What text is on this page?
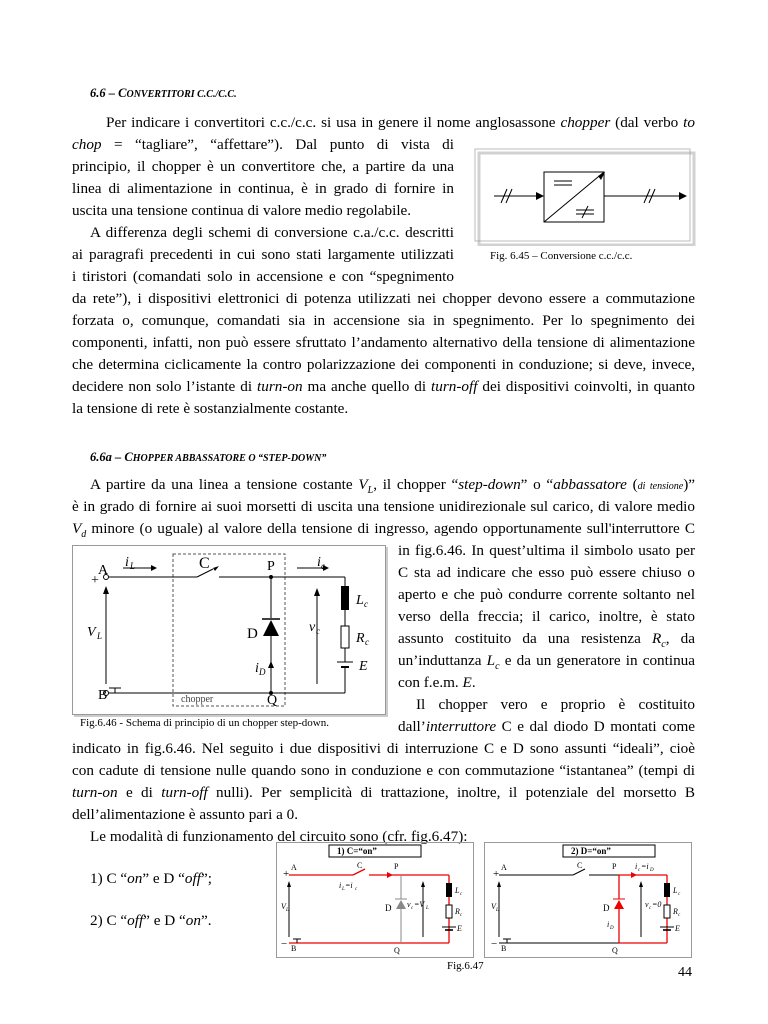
6.6 – CONVERTITORI C.C./C.C.
Per indicare i convertitori c.c./c.c. si usa in genere il nome anglosassone chopper (dal verbo to
chop = “tagliare”, “affettare”). Dal punto di vista di
principio, il chopper è un convertitore che, a partire da una
linea di alimentazione in continua, è in grado di fornire in
uscita una tensione continua di valore medio regolabile.
A differenza degli schemi di conversione c.a./c.c. descritti
ai paragrafi precedenti in cui sono stati largamente utilizzati
i tiristori (comandati solo in accensione e con “spegnimento
da rete”), i dispositivi elettronici di potenza utilizzati nei chopper devono essere a commutazione
forzata o, comunque, comandati sia in accensione sia in spegnimento. Per lo spegnimento dei
componenti, infatti, non può essere sfruttato l’andamento alternativo della tensione di alimentazione
che determina ciclicamente la contro polarizzazione dei componenti in conduzione; si deve, invece,
decidere non solo l’istante di turn-on ma anche quello di turn-off dei dispositivi coinvolti, in quanto
la tensione di rete è sostanzialmente costante.
Fig. 6.45 – Conversione c.c./c.c.
6.6a – CHOPPER ABBASSATORE O “STEP-DOWN”
A partire da una linea a tensione costante $V_L$, il chopper “step-down” o “abbassatore (di tensione)”
è in grado di fornire ai suoi morsetti di uscita una tensione unidirezionale sul carico, di valore medio
$V_d$ minore (o uguale) al valore della tensione di ingresso, agendo opportunamente sull'interruttore C
in fig.6.46. In quest’ultima il simbolo usato per
C sta ad indicare che esso può essere chiuso o
aperto e che può condurre corrente soltanto nel
verso della freccia; il carico, inoltre, è stato
assunto costituito da una resistenza $R_c$, da
un’induttanza $L_c$ e da un generatore in continua
con f.e.m. E.
Il chopper vero e proprio è costituito
dall’interruttore C e dal diodo D montati come
A
+
B
i L	C	P
Q
D
i D
i c
V L
v c
L c
R c
E
chopper
Fig.6.46 - Schema di principio di un chopper step-down.
indicato in fig.6.46. Nel seguito i due dispositivi di interruzione C e D sono assunti “ideali”, cioè
con cadute di tensione nulle quando sono in conduzione e con commutazione “istantanea” (tempi di
turn-on e di turn-off nulli). Per semplicità di trattazione, inoltre, il potenziale del morsetto B
dell’alimentazione è assunto pari a 0.
Le modalità di funzionamento del circuito sono (cfr. fig.6.47):
1) C “on” e D “off”;
2) C “off” e D “on”.
1) C=“on”
A
+
− B
C	P
Q
D
i L =i c
v c =V L
V L
L c
R c
E
2) D=“on”
A
+
− B
C	P
Q
D
i c =i D
v c =0
i D
V L
L c
R c
E
Fig.6.47	44
